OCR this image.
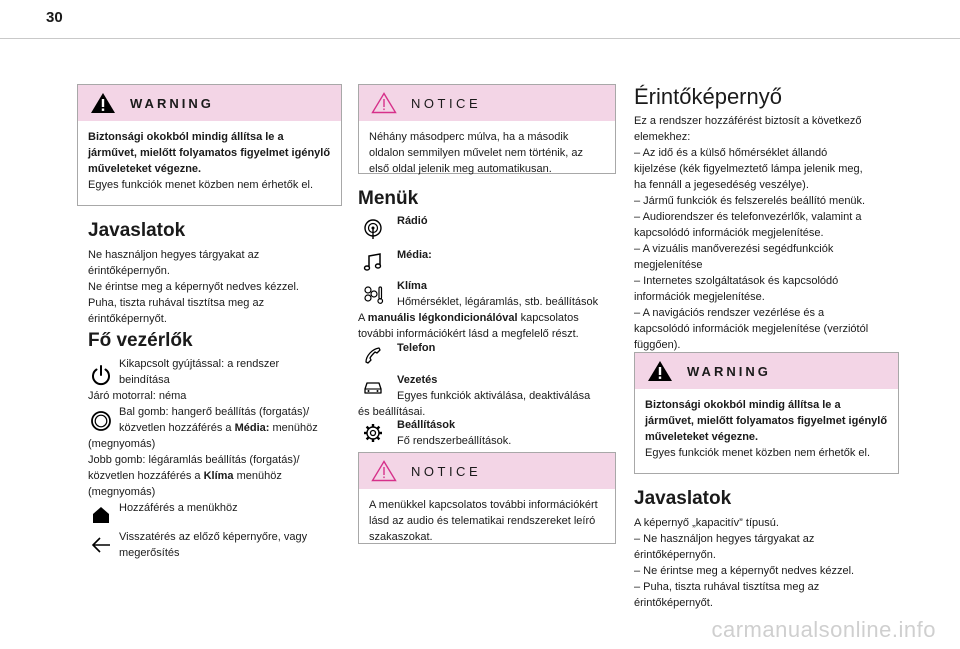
30
WARNING
Biztonsági okokból mindig állítsa le a járművet, mielőtt folyamatos figyelmet igénylő műveleteket végezne.
Egyes funkciók menet közben nem érhetők el.
Javaslatok
Ne használjon hegyes tárgyakat az
érintőképernyőn.
Ne érintse meg a képernyőt nedves kézzel.
Puha, tiszta ruhával tisztítsa meg az
érintőképernyőt.
Fő vezérlők
Kikapcsolt gyújtással: a rendszer
beindítása
Járó motorral: néma
Bal gomb: hangerő beállítás (forgatás)/
közvetlen hozzáférés a Média: menühöz
(megnyomás)
Jobb gomb: légáramlás beállítás (forgatás)/
közvetlen hozzáférés a Klíma menühöz
(megnyomás)
Hozzáférés a menükhöz
Visszatérés az előző képernyőre, vagy
megerősítés
NOTICE
Néhány másodperc múlva, ha a második oldalon semmilyen művelet nem történik, az első oldal jelenik meg automatikusan.
Menük
Rádió
Média:
Klíma
Hőmérséklet, légáramlás, stb. beállítások
A manuális légkondicionálóval kapcsolatos
további információkért lásd a megfelelő részt.
Telefon
Vezetés
Egyes funkciók aktiválása, deaktiválása
és beállításai.
Beállítások
Fő rendszerbeállítások.
NOTICE
A menükkel kapcsolatos további információkért lásd az audio és telematikai rendszereket leíró szakaszokat.
Érintőképernyő
Ez a rendszer hozzáférést biztosít a következő
elemekhez:
– Az idő és a külső hőmérséklet állandó
kijelzése (kék figyelmeztető lámpa jelenik meg,
ha fennáll a jegesedéség veszélye).
– Jármű funkciók és felszerelés beállító menük.
– Audiorendszer és telefonvezérlők, valamint a
kapcsolódó információk megjelenítése.
– A vizuális manőverezési segédfunkciók
megjelenítése
– Internetes szolgáltatások és kapcsolódó
információk megjelenítése.
– A navigációs rendszer vezérlése és a
kapcsolódó információk megjelenítése (verziótól
függően).
WARNING
Biztonsági okokból mindig állítsa le a járművet, mielőtt folyamatos figyelmet igénylő műveleteket végezne.
Egyes funkciók menet közben nem érhetők el.
Javaslatok
A képernyő „kapacitív” típusú.
– Ne használjon hegyes tárgyakat az
érintőképernyőn.
– Ne érintse meg a képernyőt nedves kézzel.
– Puha, tiszta ruhával tisztítsa meg az
érintőképernyőt.
carmanualsonline.info
